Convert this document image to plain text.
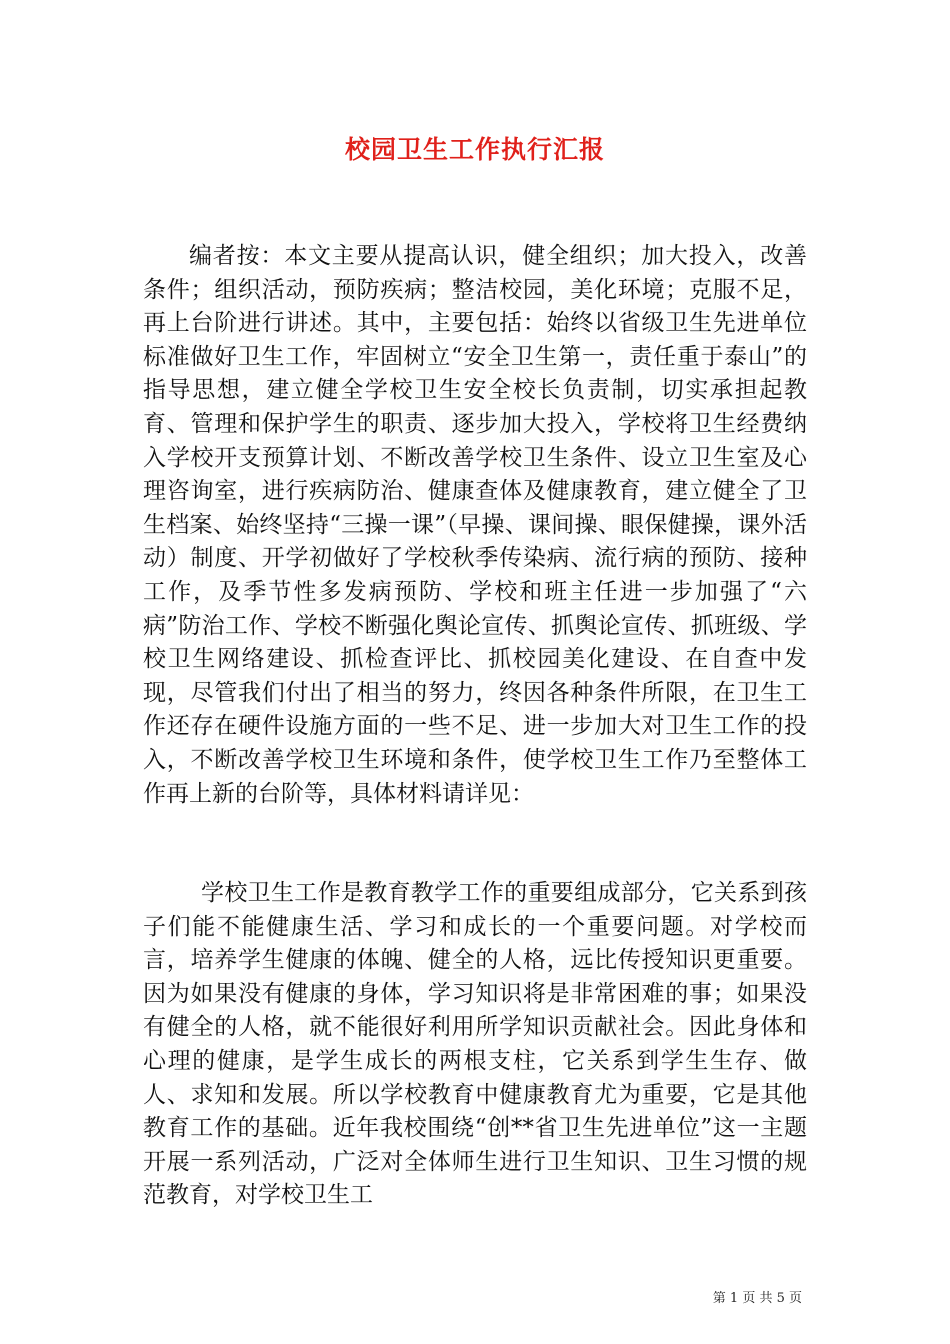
校园卫生工作执行汇报

编者按：本文主要从提高认识，健全组织；加大投入，改善条件；组织活动，预防疾病；整洁校园，美化环境；克服不足，再上台阶进行讲述。其中，主要包括：始终以省级卫生先进单位标准做好卫生工作，牢固树立“安全卫生第一，责任重于泰山”的指导思想，建立健全学校卫生安全校长负责制，切实承担起教育、管理和保护学生的职责、逐步加大投入，学校将卫生经费纳入学校开支预算计划、不断改善学校卫生条件、设立卫生室及心理咨询室，进行疾病防治、健康查体及健康教育，建立健全了卫生档案、始终坚持“三操一课”（早操、课间操、眼保健操，课外活动）制度、开学初做好了学校秋季传染病、流行病的预防、接种工作，及季节性多发病预防、学校和班主任进一步加强了“六病”防治工作、学校不断强化舆论宣传、抓舆论宣传、抓班级、学校卫生网络建设、抓检查评比、抓校园美化建设、在自查中发现，尽管我们付出了相当的努力，终因各种条件所限，在卫生工作还存在硬件设施方面的一些不足、进一步加大对卫生工作的投入，不断改善学校卫生环境和条件，使学校卫生工作乃至整体工作再上新的台阶等，具体材料请详见：

学校卫生工作是教育教学工作的重要组成部分，它关系到孩子们能不能健康生活、学习和成长的一个重要问题。对学校而言，培养学生健康的体魄、健全的人格，远比传授知识更重要。因为如果没有健康的身体，学习知识将是非常困难的事；如果没有健全的人格，就不能很好利用所学知识贡献社会。因此身体和心理的健康，是学生成长的两根支柱，它关系到学生生存、做人、求知和发展。所以学校教育中健康教育尤为重要，它是其他教育工作的基础。近年我校围绕“创**省卫生先进单位”这一主题开展一系列活动，广泛对全体师生进行卫生知识、卫生习惯的规范教育，对学校卫生工

第 1 页 共 5 页
